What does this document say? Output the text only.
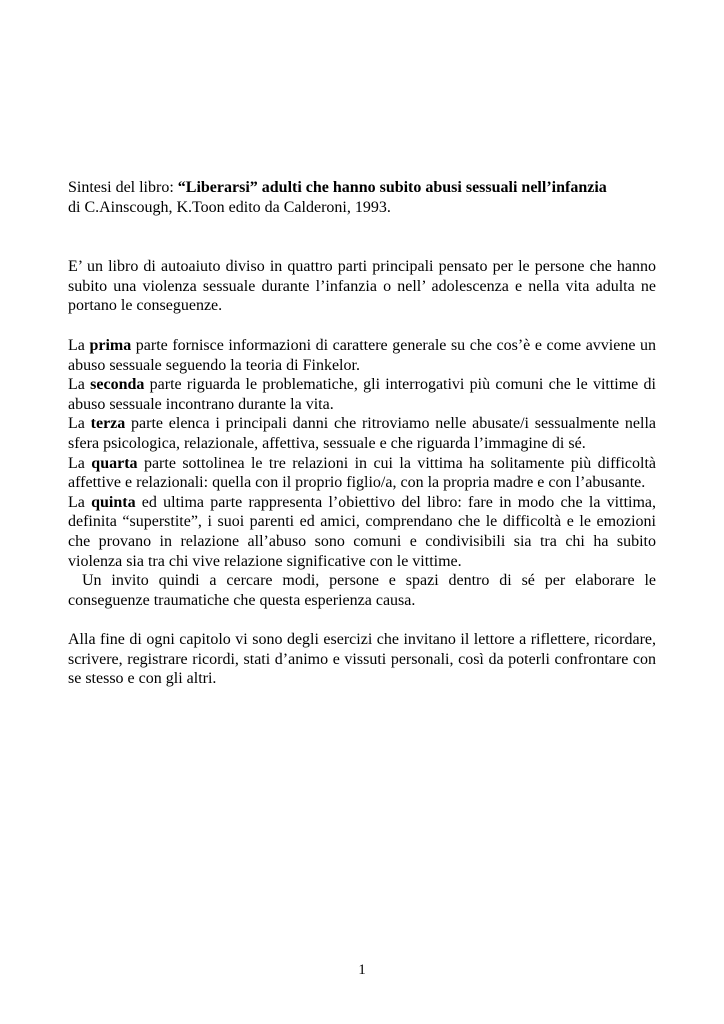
Sintesi del libro: “Liberarsi” adulti che hanno subito abusi sessuali nell’infanzia

di C.Ainscough, K.Toon edito da Calderoni, 1993.

E’ un libro di autoaiuto diviso in quattro parti principali pensato per le persone che hanno subito una violenza sessuale durante l’infanzia o nell’ adolescenza e nella vita adulta ne portano le conseguenze.

La prima parte fornisce informazioni di carattere generale su che cos’è e come avviene un abuso sessuale seguendo la teoria di Finkelor.

La seconda parte riguarda le problematiche, gli interrogativi più comuni che le vittime di abuso sessuale incontrano durante la vita.

La terza parte elenca i principali danni che ritroviamo nelle abusate/i sessualmente nella sfera psicologica, relazionale, affettiva, sessuale e che riguarda l’immagine di sé.

La quarta parte sottolinea le tre relazioni in cui la vittima ha solitamente più difficoltà affettive e relazionali: quella con il proprio figlio/a, con la propria madre e con l’abusante.

La quinta ed ultima parte rappresenta l’obiettivo del libro: fare in modo che la vittima, definita “superstite”, i suoi parenti ed amici, comprendano che le difficoltà e le emozioni che provano in relazione all’abuso sono comuni e condivisibili sia tra chi ha subito violenza sia tra chi vive relazione significative con le vittime.

Un invito quindi a cercare modi, persone e spazi dentro di sé per elaborare le conseguenze traumatiche che questa esperienza causa.

Alla fine di ogni capitolo vi sono degli esercizi che invitano il lettore a riflettere, ricordare, scrivere, registrare ricordi, stati d’animo e vissuti personali, così da poterli confrontare con se stesso e con gli altri.

1
